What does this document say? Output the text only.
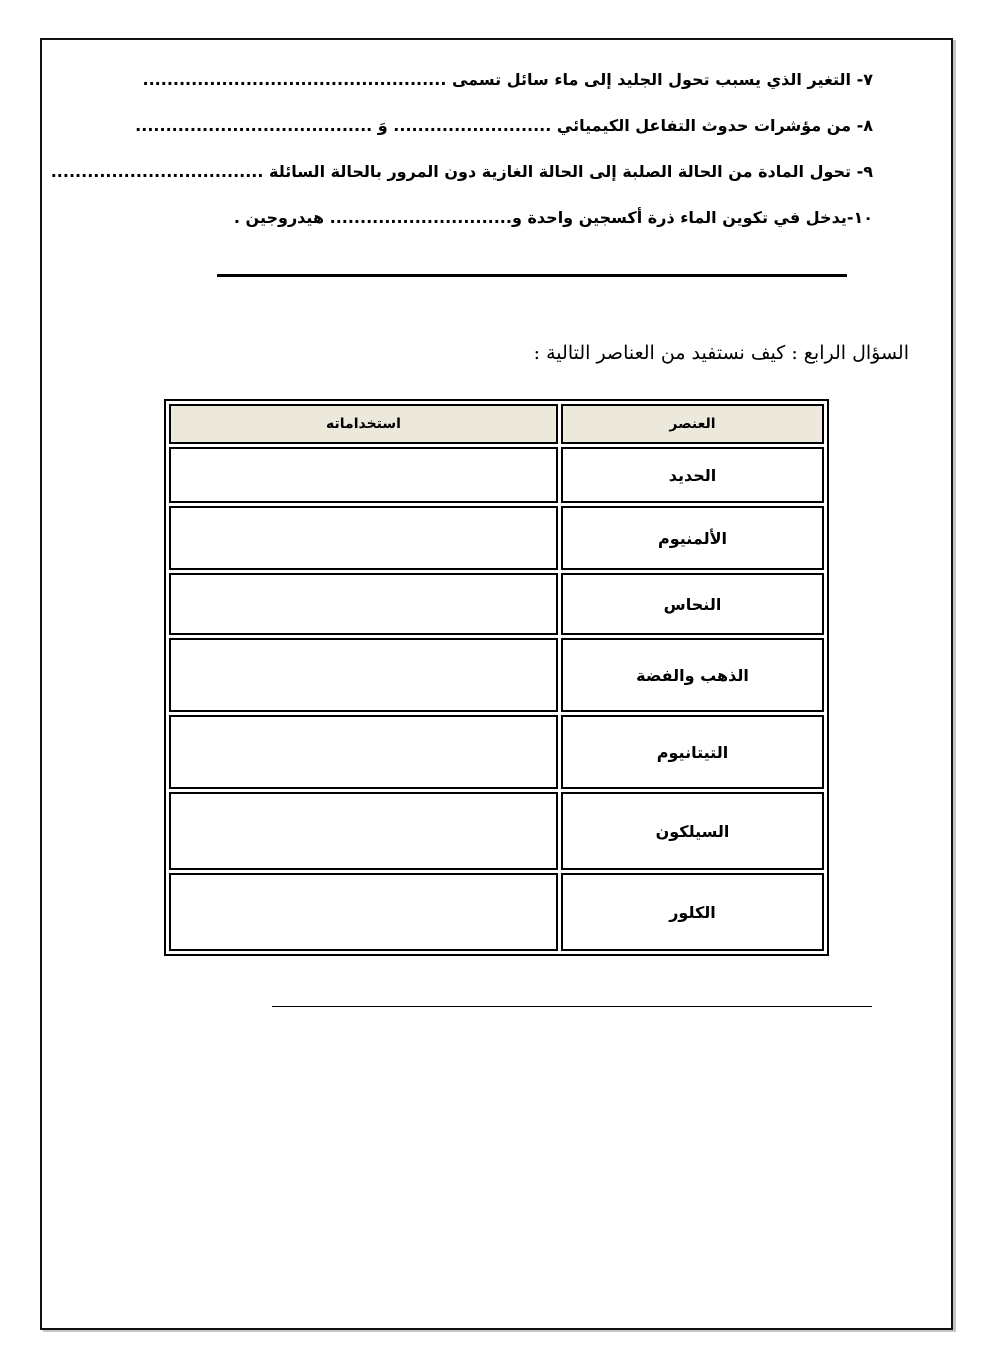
٧- التغير الذي يسبب تحول الجليد إلى ماء سائل تسمى ..................................................
٨- من مؤشرات حدوث التفاعل الكيميائي .......................... وَ .......................................
٩- تحول المادة من الحالة الصلبة إلى الحالة الغازية دون المرور بالحالة السائلة ...................................
١٠-يدخل في تكوين الماء ذرة أكسجين واحدة و.............................. هيدروجين .
السؤال الرابع : كيف نستفيد من العناصر التالية :
العنصر	استخداماته
الحديد	
الألمنيوم	
النحاس	
الذهب والفضة	
التيتانيوم	
السيلكون	
الكلور	
